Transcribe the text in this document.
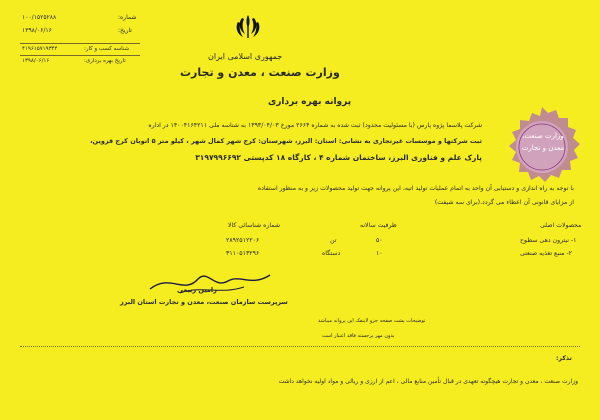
شماره:
۱۰۰/۱۵۲۵۲۸۸
تاریخ:
۱۳۹۸/۰۶/۱۶
شناسه کسب و کار:
۴۱۹۶۱۵۷۱۹۳۴۴
تاریخ بهره برداری:
۱۳۹۸/۰۶/۱۶	جمهوری اسلامی ایران
وزارت صنعت ، معدن و تجارت
پروانه بهره برداری
شرکت پلاسما پژوه پارس (با مسئولیت محدود) ثبت شده به شماره ۲۶۶۴ مورخ ۱۳۹۳/۰۴/۰۳ به شناسه ملی ۱۴۰۰۴۱۶۴۲۱۱ در اداره
ثبت شرکتها و موسسات غیرتجاری به نشانی: استان: البرز، شهرستان: کرج شهر کمال شهر ، کیلو متر ۵ اتوبان کرج قزوین،
پارک علم و فناوری البرز، ساختمان شماره ۴ ، کارگاه ۱۸ کدپستی ۳۱۹۷۹۹۶۶۹۲
با توجه به راه اندازی و دستیابی آن واحد به اتمام عملیات تولید اتیه، این پروانه جهت تولید محصولات زیر و به منظور استفاده
از مزایای قانونی آن اعطاء می گردد.(برای سه شیفت)
وزارت صنعت، معدن و تجارت
محصولات اصلی
ظرفیت سالانه
شماره شناسائی کالا
۱- نیترون دهی سطوح
۵۰
تن
۲۸۹۲۵۱۲۲۰۶
۲- منبع تغذیه صنعتی
۱۰
دستگاه
۳۱۱۰۵۱۳۲۹۶
رامین ربیعی
سرپرست سازمان صنعت، معدن و تجارت استان البرز
توضیحات پشت صفحه جزو لاینفک این پروانه میباشد
بدون مهر برجسته فاقد اعتبار است
تذکر:
وزارت صنعت ، معدن و تجارت هیچگونه تعهدی در قبال تأمین منابع مالی ، اعم از ارزی و ریالی و مواد اولیه نخواهد داشت
